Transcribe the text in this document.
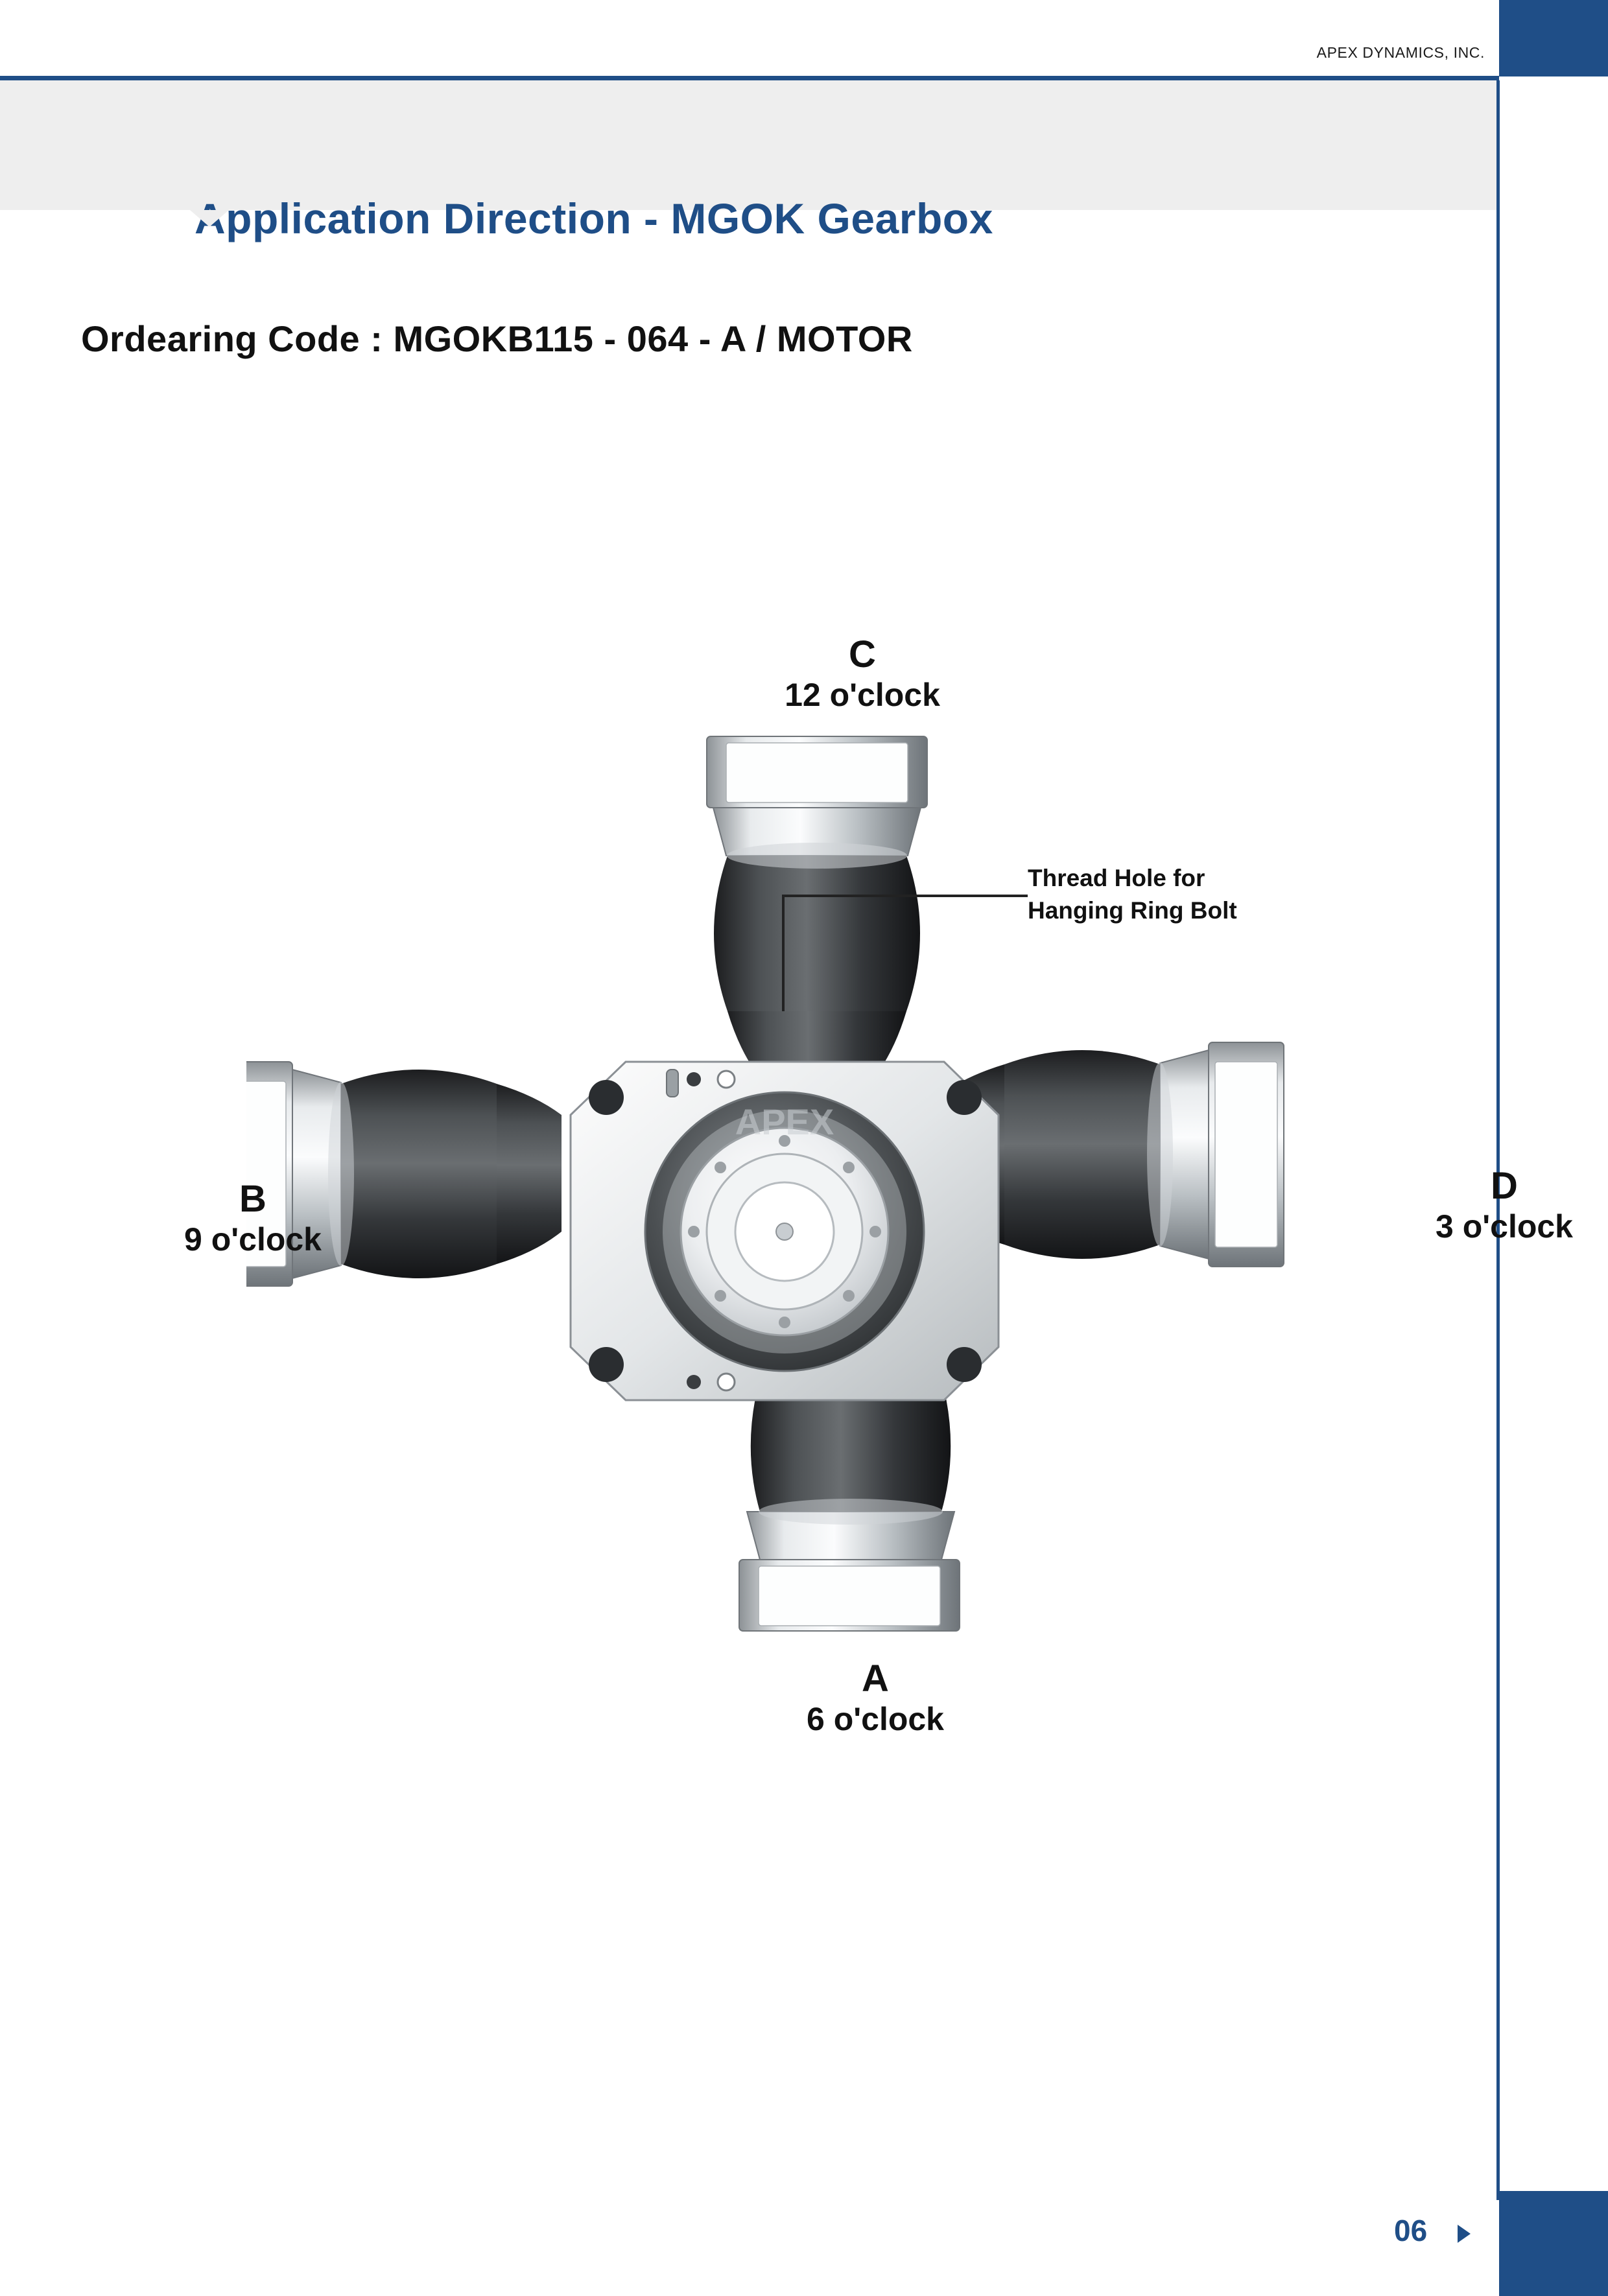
APEX DYNAMICS, INC.
Application Direction - MGOK Gearbox
Ordearing Code : MGOKB115 - 064 - A / MOTOR
APEX
Thread Hole for
Hanging Ring Bolt
C
12 o'clock
D
3 o'clock
A
6 o'clock
B
9 o'clock
06
